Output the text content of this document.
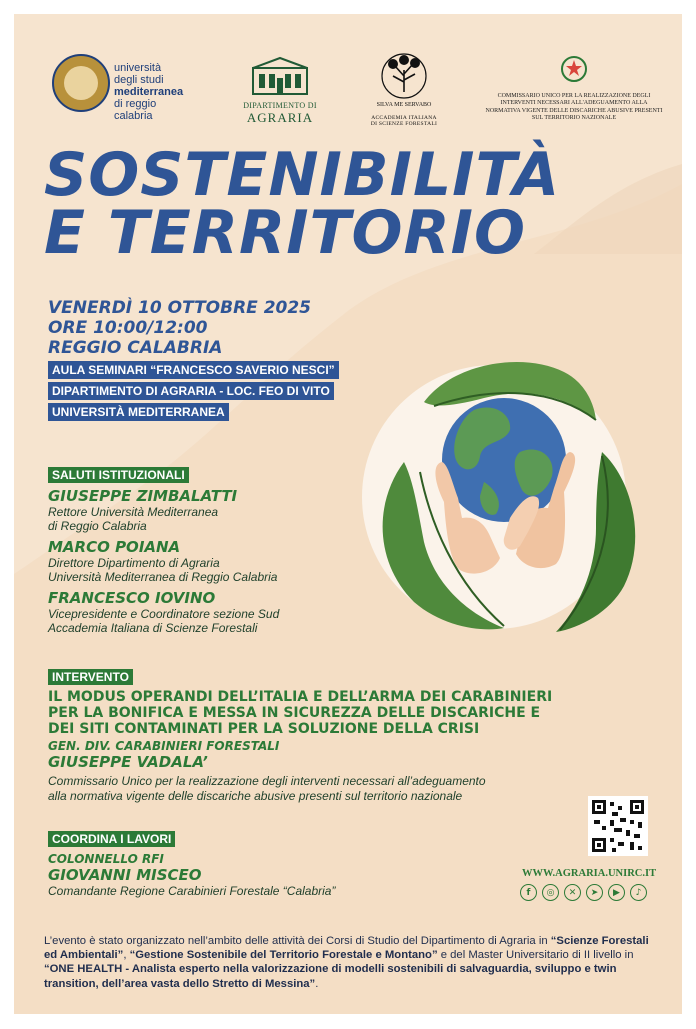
università
degli studi
mediterranea
di reggio
calabria
DIPARTIMENTO DI
AGRARIA
SILVA ME SERVABO
ACCADEMIA ITALIANA
DI SCIENZE FORESTALI
COMMISSARIO UNICO PER LA REALIZZAZIONE DEGLI INTERVENTI NECESSARI ALL'ADEGUAMENTO ALLA NORMATIVA VIGENTE DELLE DISCARICHE ABUSIVE PRESENTI SUL TERRITORIO NAZIONALE
SOSTENIBILITÀ
E TERRITORIO
VENERDÌ 10 OTTOBRE 2025
ORE 10:00/12:00
REGGIO CALABRIA
AULA SEMINARI “FRANCESCO SAVERIO NESCI”
DIPARTIMENTO DI AGRARIA - LOC. FEO DI VITO
UNIVERSITÀ MEDITERRANEA
SALUTI ISTITUZIONALI
GIUSEPPE ZIMBALATTI
Rettore Università Mediterranea
di Reggio Calabria
MARCO POIANA
Direttore Dipartimento di Agraria
Università Mediterranea di Reggio Calabria
FRANCESCO IOVINO
Vicepresidente e Coordinatore sezione Sud
Accademia Italiana di Scienze Forestali
INTERVENTO
IL MODUS OPERANDI DELL’ITALIA E DELL’ARMA DEI CARABINIERI
PER LA BONIFICA E MESSA IN SICUREZZA DELLE DISCARICHE E
DEI SITI CONTAMINATI PER LA SOLUZIONE DELLA CRISI
GEN. DIV. CARABINIERI FORESTALI
GIUSEPPE VADALA’
Commissario Unico per la realizzazione degli interventi necessari all’adeguamento
alla normativa vigente delle discariche abusive presenti sul territorio nazionale
COORDINA I LAVORI
COLONNELLO RFI
GIOVANNI MISCEO
Comandante Regione Carabinieri Forestale “Calabria”
WWW.AGRARIA.UNIRC.IT
f	◎	✕	➤	▶	♪
L’evento è stato organizzato nell’ambito delle attività dei Corsi di Studio del Dipartimento di Agraria in “Scienze Forestali ed Ambientali”, “Gestione Sostenibile del Territorio Forestale e Montano” e del Master Universitario di II livello in “ONE HEALTH - Analista esperto nella valorizzazione di modelli sostenibili di salvaguardia, sviluppo e twin transition, dell’area vasta dello Stretto di Messina”.
